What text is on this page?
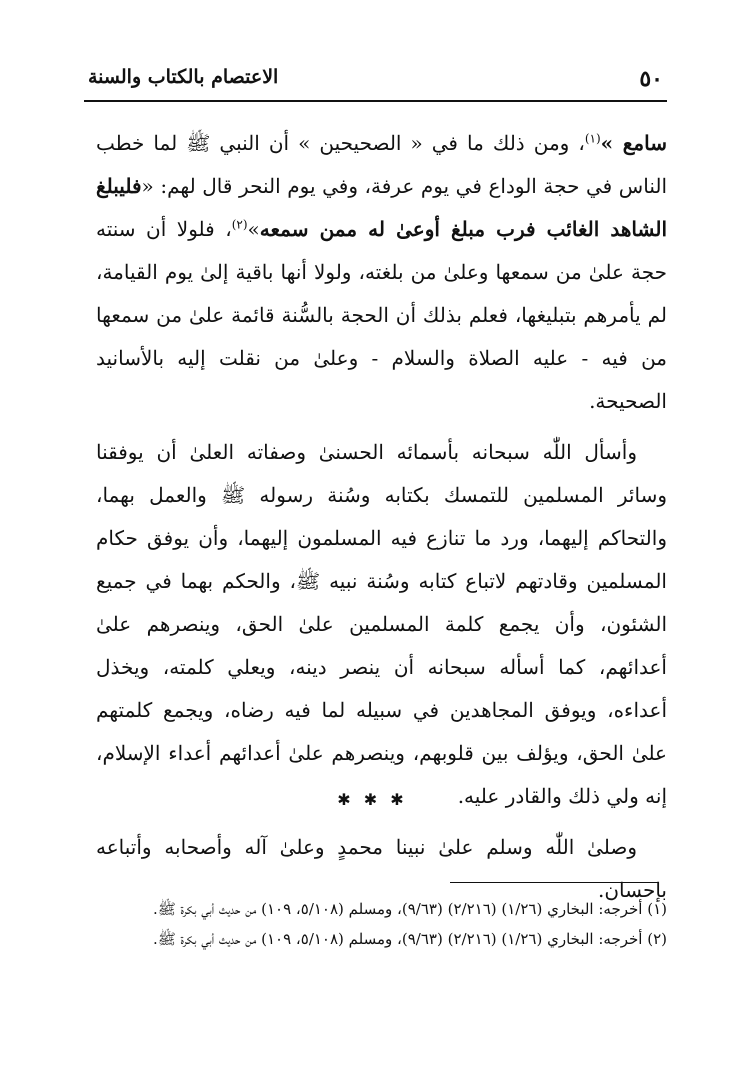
٥٠
الاعتصام بالكتاب والسنة

سامع »$^{(١)}$، ومن ذلك ما في « الصحيحين » أن النبي ﷺ لما خطب الناس في حجة الوداع في يوم عرفة، وفي يوم النحر قال لهم: «فليبلغ الشاهد الغائب فرب مبلغ أوعىٰ له ممن سمعه»$^{(٢)}$، فلولا أن سنته حجة علىٰ من سمعها وعلىٰ من بلغته، ولولا أنها باقية إلىٰ يوم القيامة، لم يأمرهم بتبليغها، فعلم بذلك أن الحجة بالسُّنة قائمة علىٰ من سمعها من فيه - عليه الصلاة والسلام - وعلىٰ من نقلت إليه بالأسانيد الصحيحة.

وأسأل اللّٰه سبحانه بأسمائه الحسنىٰ وصفاته العلىٰ أن يوفقنا وسائر المسلمين للتمسك بكتابه وسُنة رسوله ﷺ والعمل بهما، والتحاكم إليهما، ورد ما تنازع فيه المسلمون إليهما، وأن يوفق حكام المسلمين وقادتهم لاتباع كتابه وسُنة نبيه ﷺ، والحكم بهما في جميع الشئون، وأن يجمع كلمة المسلمين علىٰ الحق، وينصرهم علىٰ أعدائهم، كما أسأله سبحانه أن ينصر دينه، ويعلي كلمته، ويخذل أعداءه، ويوفق المجاهدين في سبيله لما فيه رضاه، ويجمع كلمتهم علىٰ الحق، ويؤلف بين قلوبهم، وينصرهم علىٰ أعدائهم أعداء الإسلام، إنه ولي ذلك والقادر عليه.

وصلىٰ اللّٰه وسلم علىٰ نبينا محمدٍ وعلىٰ آله وأصحابه وأتباعه بإحسان.

✱ ✱ ✱

(١) أخرجه: البخاري (١/٢٦) (٢/٢١٦) (٩/٦٣)، ومسلم (٥/١٠٨، ١٠٩) من حديث أبي بكرة ﷺ.

(٢) أخرجه: البخاري (١/٢٦) (٢/٢١٦) (٩/٦٣)، ومسلم (٥/١٠٨، ١٠٩) من حديث أبي بكرة ﷺ.
